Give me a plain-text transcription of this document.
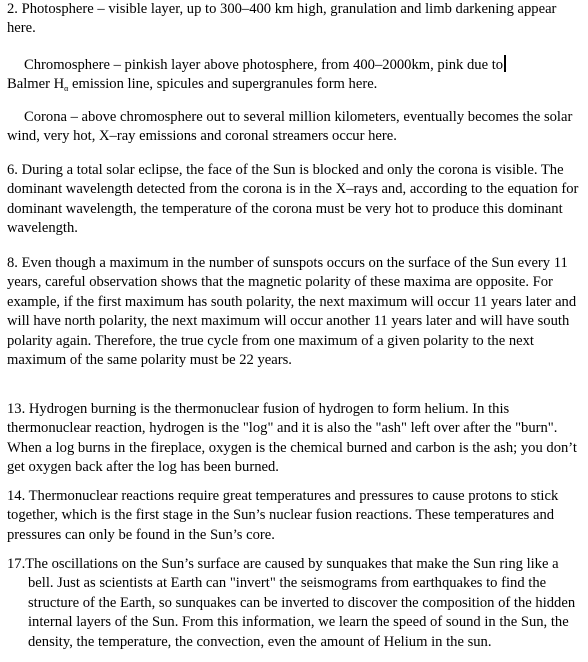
2. Photosphere – visible layer, up to 300–400 km high, granulation and limb darkening appear here.

Chromosphere – pinkish layer above photosphere, from 400–2000km, pink due to
Balmer $H_\alpha$ emission line, spicules and supergranules form here.

Corona – above chromosphere out to several million kilometers, eventually becomes the solar wind, very hot, X–ray emissions and coronal streamers occur here.

6. During a total solar eclipse, the face of the Sun is blocked and only the corona is visible. The dominant wavelength detected from the corona is in the X–rays and, according to the equation for dominant wavelength, the temperature of the corona must be very hot to produce this dominant wavelength.

8. Even though a maximum in the number of sunspots occurs on the surface of the Sun every 11 years, careful observation shows that the magnetic polarity of these maxima are opposite. For example, if the first maximum has south polarity, the next maximum will occur 11 years later and will have north polarity, the next maximum will occur another 11 years later and will have south polarity again. Therefore, the true cycle from one maximum of a given polarity to the next maximum of the same polarity must be 22 years.

13. Hydrogen burning is the thermonuclear fusion of hydrogen to form helium. In this thermonuclear reaction, hydrogen is the "log" and it is also the "ash" left over after the "burn". When a log burns in the fireplace, oxygen is the chemical burned and carbon is the ash; you don’t get oxygen back after the log has been burned.

14. Thermonuclear reactions require great temperatures and pressures to cause protons to stick together, which is the first stage in the Sun’s nuclear fusion reactions. These temperatures and pressures can only be found in the Sun’s core.

17.The oscillations on the Sun’s surface are caused by sunquakes that make the Sun ring like a bell. Just as scientists at Earth can "invert" the seismograms from earthquakes to find the structure of the Earth, so sunquakes can be inverted to discover the composition of the hidden internal layers of the Sun. From this information, we learn the speed of sound in the Sun, the density, the temperature, the convection, even the amount of Helium in the sun.
